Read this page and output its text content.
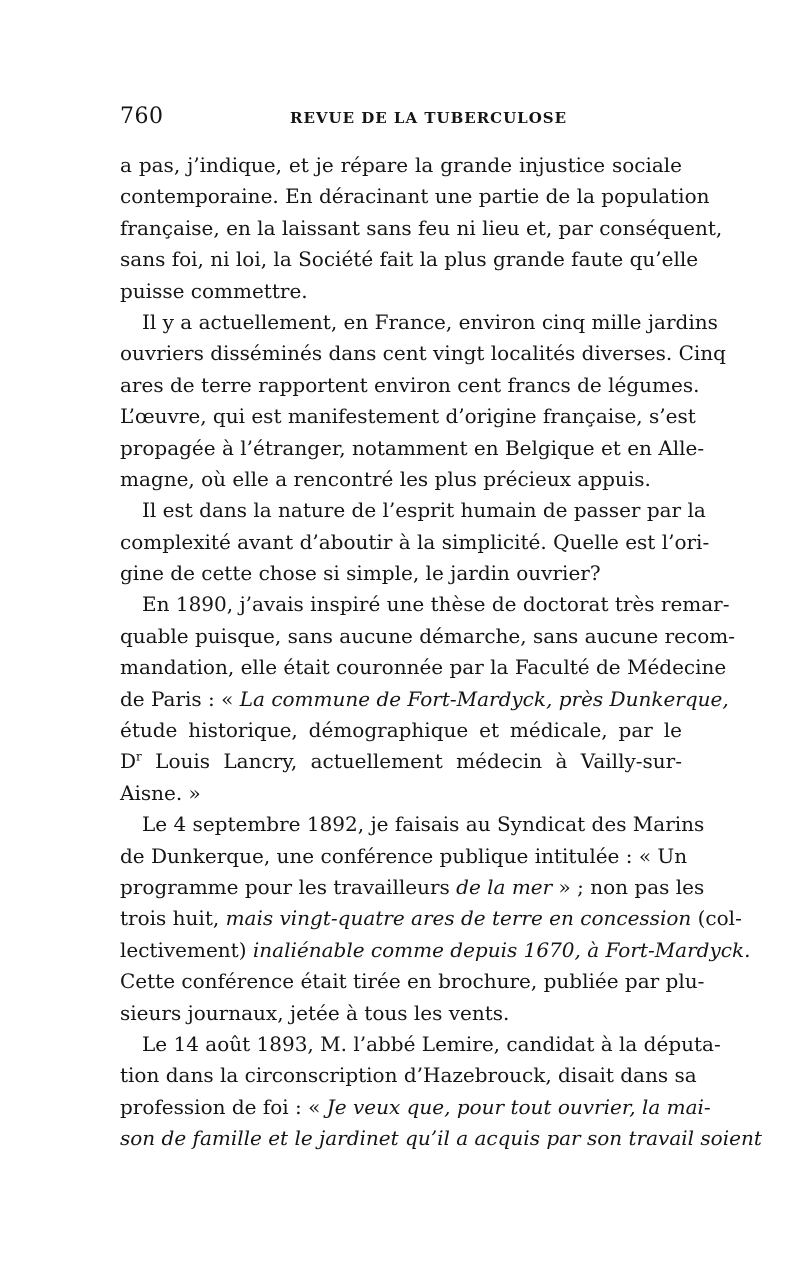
760	REVUE DE LA TUBERCULOSE
a pas, j’indique, et je répare la grande injustice sociale
contemporaine. En déracinant une partie de la population
française, en la laissant sans feu ni lieu et, par conséquent,
sans foi, ni loi, la Société fait la plus grande faute qu’elle
puisse commettre.
Il y a actuellement, en France, environ cinq mille jardins
ouvriers disséminés dans cent vingt localités diverses. Cinq
ares de terre rapportent environ cent francs de légumes.
L’œuvre, qui est manifestement d’origine française, s’est
propagée à l’étranger, notamment en Belgique et en Alle-
magne, où elle a rencontré les plus précieux appuis.
Il est dans la nature de l’esprit humain de passer par la
complexité avant d’aboutir à la simplicité. Quelle est l’ori-
gine de cette chose si simple, le jardin ouvrier?
En 1890, j’avais inspiré une thèse de doctorat très remar-
quable puisque, sans aucune démarche, sans aucune recom-
mandation, elle était couronnée par la Faculté de Médecine
de Paris : « La commune de Fort-Mardyck, près Dunkerque,
étude historique, démographique et médicale, par le
$D^r$ Louis Lancry, actuellement médecin à Vailly-sur-
Aisne. »
Le 4 septembre 1892, je faisais au Syndicat des Marins
de Dunkerque, une conférence publique intitulée : « Un
programme pour les travailleurs de la mer » ; non pas les
trois huit, mais vingt-quatre ares de terre en concession (col-
lectivement) inaliénable comme depuis 1670, à Fort-Mardyck.
Cette conférence était tirée en brochure, publiée par plu-
sieurs journaux, jetée à tous les vents.
Le 14 août 1893, M. l’abbé Lemire, candidat à la députa-
tion dans la circonscription d’Hazebrouck, disait dans sa
profession de foi : « Je veux que, pour tout ouvrier, la mai-
son de famille et le jardinet qu’il a acquis par son travail soient
